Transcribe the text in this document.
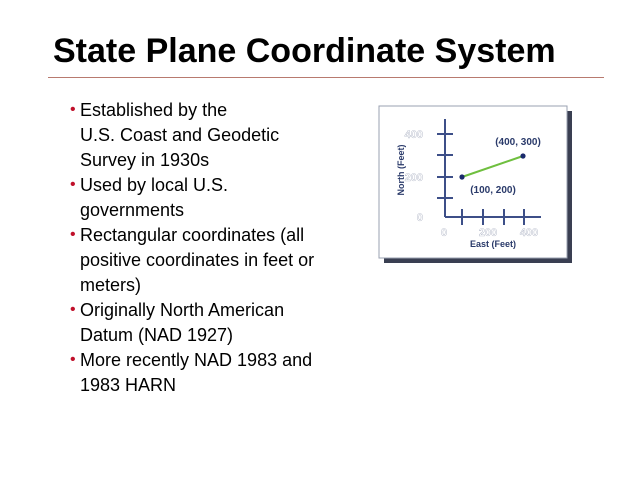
State Plane Coordinate System
• Established by the
U.S. Coast and Geodetic
Survey in 1930s
• Used by local U.S.
governments
• Rectangular coordinates (all
positive coordinates in feet or
meters)
• Originally North American
Datum (NAD 1927)
• More recently NAD 1983 and
1983 HARN
400
200
0
0	200 400
East (Feet)
North (Feet)
(400, 300)
(100, 200)
